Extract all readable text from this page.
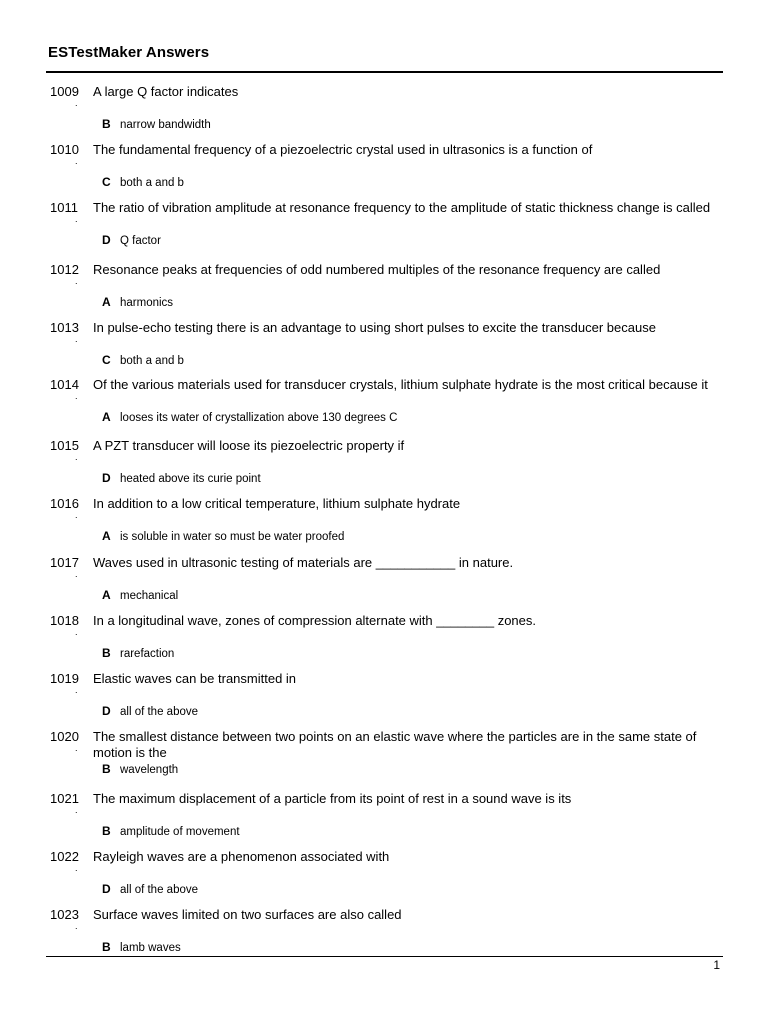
ESTestMaker Answers
1009
.
A large Q factor indicates
B narrow bandwidth
1010
.
The fundamental frequency of a piezoelectric crystal used in ultrasonics is a function of
C both a and b
1011
.
The ratio of vibration amplitude at resonance frequency to the amplitude of static thickness change is called
D Q factor
1012
.
Resonance peaks at frequencies of odd numbered multiples of the resonance frequency are called
A harmonics
1013
.
In pulse-echo testing there is an advantage to using short pulses to excite the transducer because
C both a and b
1014
.
Of the various materials used for transducer crystals, lithium sulphate hydrate is the most critical because it
A looses its water of crystallization above 130 degrees C
1015
.
A PZT transducer will loose its piezoelectric property if
D heated above its curie point
1016
.
In addition to a low critical temperature, lithium sulphate hydrate
A is soluble in water so must be water proofed
1017
.
Waves used in ultrasonic testing of materials are ___________ in nature.
A mechanical
1018
.
In a longitudinal wave, zones of compression alternate with ________ zones.
B rarefaction
1019
.
Elastic waves can be transmitted in
D all of the above
1020
.
The smallest distance between two points on an elastic wave where the particles are in the same state of motion is the
B wavelength
1021
.
The maximum displacement of a particle from its point of rest in a sound wave is its
B amplitude of movement
1022
.
Rayleigh waves are a phenomenon associated with
D all of the above
1023
.
Surface waves limited on two surfaces are also called
B lamb waves
1
